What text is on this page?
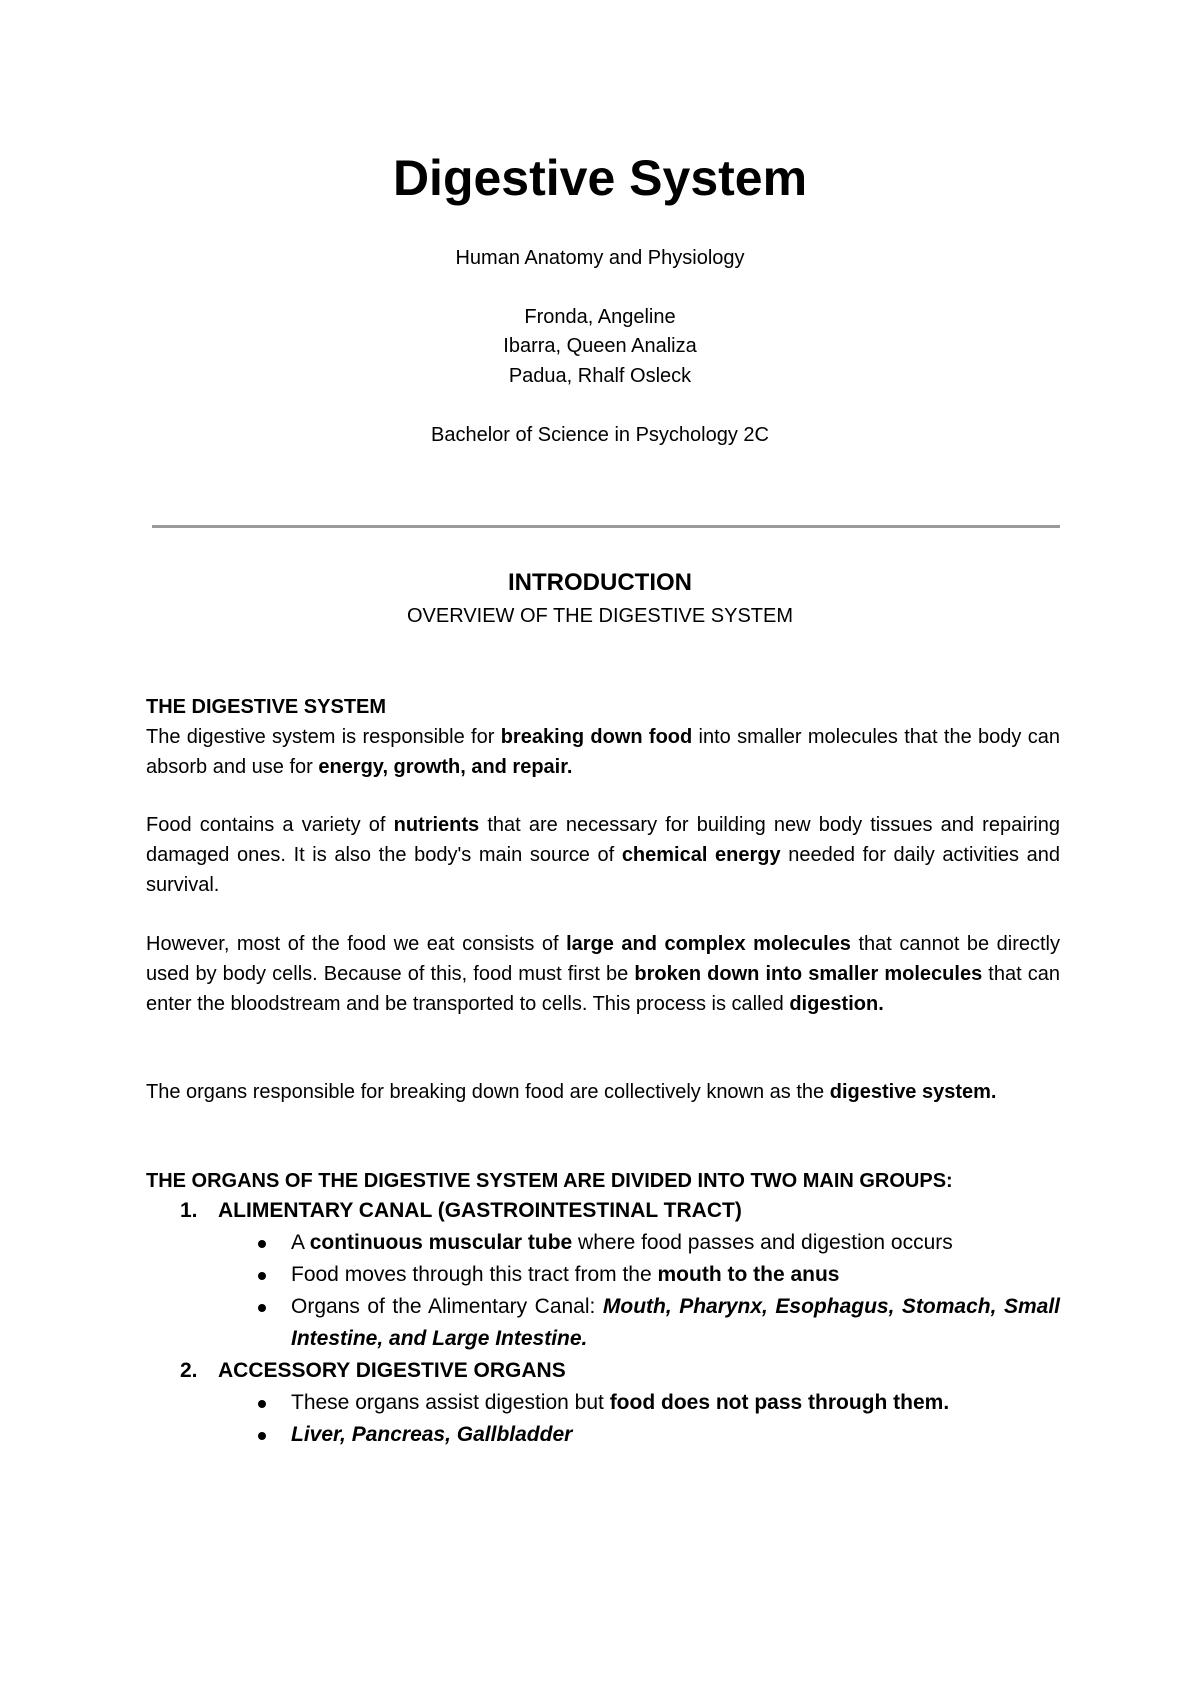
Digestive System
Human Anatomy and Physiology
Fronda, Angeline
Ibarra, Queen Analiza
Padua, Rhalf Osleck
Bachelor of Science in Psychology 2C
INTRODUCTION
OVERVIEW OF THE DIGESTIVE SYSTEM
THE DIGESTIVE SYSTEM
The digestive system is responsible for breaking down food into smaller molecules that the body can absorb and use for energy, growth, and repair.
Food contains a variety of nutrients that are necessary for building new body tissues and repairing damaged ones. It is also the body's main source of chemical energy needed for daily activities and survival.
However, most of the food we eat consists of large and complex molecules that cannot be directly used by body cells. Because of this, food must first be broken down into smaller molecules that can enter the bloodstream and be transported to cells. This process is called digestion.
The organs responsible for breaking down food are collectively known as the digestive system.
THE ORGANS OF THE DIGESTIVE SYSTEM ARE DIVIDED INTO TWO MAIN GROUPS:
1. ALIMENTARY CANAL (GASTROINTESTINAL TRACT)
A continuous muscular tube where food passes and digestion occurs
Food moves through this tract from the mouth to the anus
Organs of the Alimentary Canal: Mouth, Pharynx, Esophagus, Stomach, Small Intestine, and Large Intestine.
2. ACCESSORY DIGESTIVE ORGANS
These organs assist digestion but food does not pass through them.
Liver, Pancreas, Gallbladder
